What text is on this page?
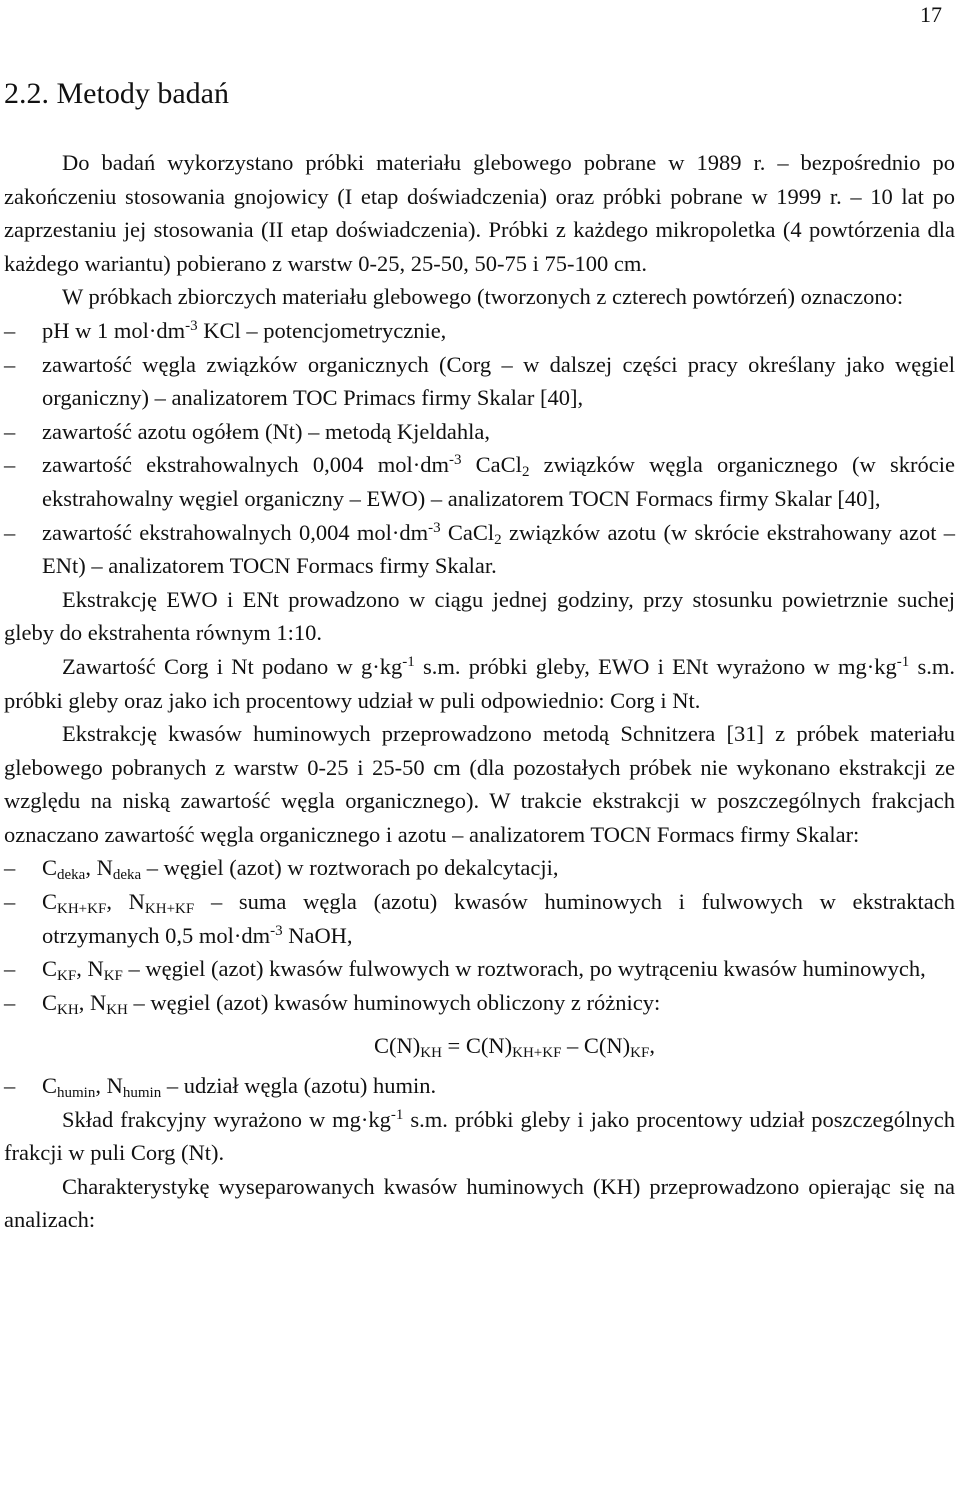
17
2.2. Metody badań

Do badań wykorzystano próbki materiału glebowego pobrane w 1989 r. – bezpośrednio po zakończeniu stosowania gnojowicy (I etap doświadczenia) oraz próbki pobrane w 1999 r. – 10 lat po zaprzestaniu jej stosowania (II etap doświadczenia). Próbki z każdego mikropoletka (4 powtórzenia dla każdego wariantu) pobierano z warstw 0-25, 25-50, 50-75 i 75-100 cm.

W próbkach zbiorczych materiału glebowego (tworzonych z czterech powtórzeń) oznaczono:

– pH w 1 $mol\cdot dm^{-3}$ KCl – potencjometrycznie,
– zawartość węgla związków organicznych (Corg – w dalszej części pracy określany jako węgiel organiczny) – analizatorem TOC Primacs firmy Skalar [40],
– zawartość azotu ogółem (Nt) – metodą Kjeldahla,
– zawartość ekstrahowalnych 0,004 $mol\cdot dm^{-3}$ CaCl$_2$ związków węgla organicznego (w skrócie ekstrahowalny węgiel organiczny – EWO) – analizatorem TOCN Formacs firmy Skalar [40],
– zawartość ekstrahowalnych 0,004 $mol\cdot dm^{-3}$ CaCl$_2$ związków azotu (w skrócie ekstrahowany azot – ENt) – analizatorem TOCN Formacs firmy Skalar.

Ekstrakcję EWO i ENt prowadzono w ciągu jednej godziny, przy stosunku powietrznie suchej gleby do ekstrahenta równym 1:10.

Zawartość Corg i Nt podano w $g\cdot kg^{-1}$ s.m. próbki gleby, EWO i ENt wyrażono w $mg\cdot kg^{-1}$ s.m. próbki gleby oraz jako ich procentowy udział w puli odpowiednio: Corg i Nt.

Ekstrakcję kwasów huminowych przeprowadzono metodą Schnitzera [31] z próbek materiału glebowego pobranych z warstw 0-25 i 25-50 cm (dla pozostałych próbek nie wykonano ekstrakcji ze względu na niską zawartość węgla organicznego). W trakcie ekstrakcji w poszczególnych frakcjach oznaczano zawartość węgla organicznego i azotu – analizatorem TOCN Formacs firmy Skalar:

– $C_{deka}$, $N_{deka}$ – węgiel (azot) w roztworach po dekalcytacji,
– $C_{KH+KF}$, $N_{KH+KF}$ – suma węgla (azotu) kwasów huminowych i fulwowych w ekstraktach otrzymanych 0,5 $mol\cdot dm^{-3}$ NaOH,
– $C_{KF}$, $N_{KF}$ – węgiel (azot) kwasów fulwowych w roztworach, po wytrąceniu kwasów huminowych,
– $C_{KH}$, $N_{KH}$ – węgiel (azot) kwasów huminowych obliczony z różnicy:
$C(N)_{KH} = C(N)_{KH+KF} - C(N)_{KF}$,
– $C_{humin}$, $N_{humin}$ – udział węgla (azotu) humin.

Skład frakcyjny wyrażono w $mg\cdot kg^{-1}$ s.m. próbki gleby i jako procentowy udział poszczególnych frakcji w puli Corg (Nt).

Charakterystykę wyseparowanych kwasów huminowych (KH) przeprowadzono opierając się na analizach:
